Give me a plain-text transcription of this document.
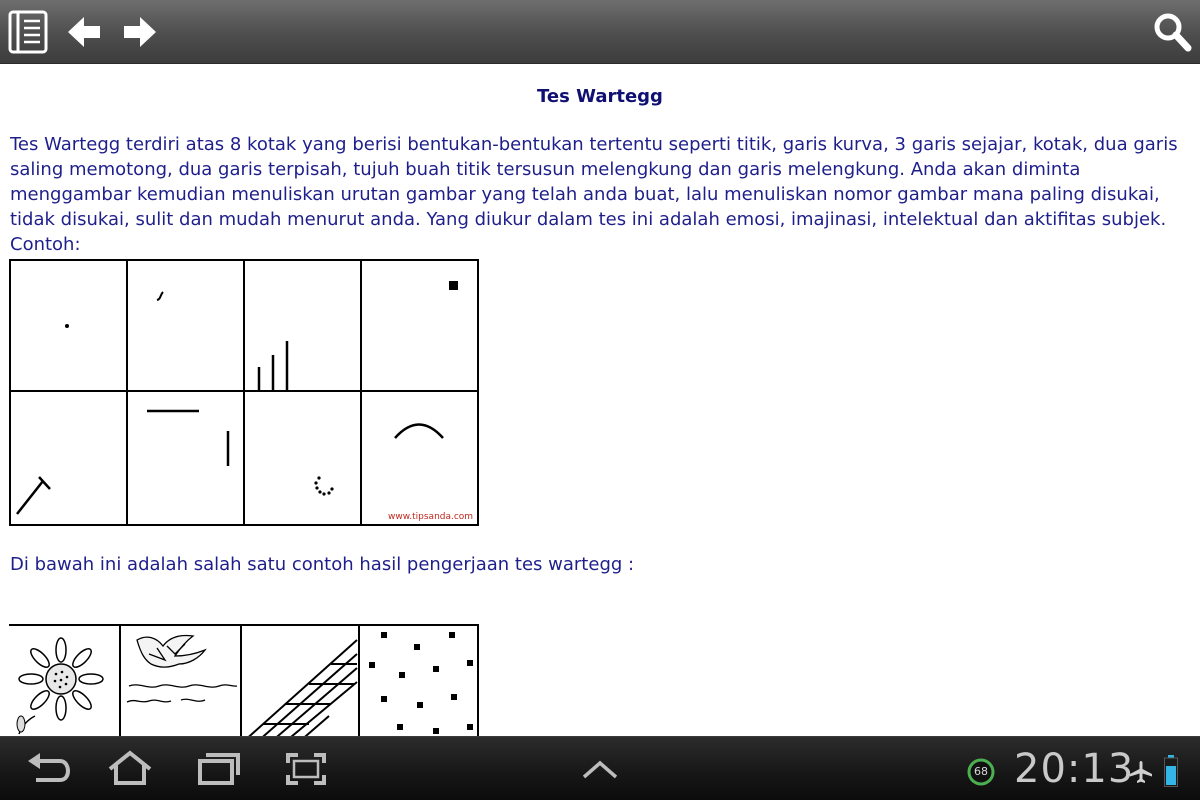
Tes Wartegg
Tes Wartegg terdiri atas 8 kotak yang berisi bentukan-bentukan tertentu seperti titik, garis kurva, 3 garis sejajar, kotak, dua garis saling memotong, dua garis terpisah, tujuh buah titik tersusun melengkung dan garis melengkung. Anda akan diminta menggambar kemudian menuliskan urutan gambar yang telah anda buat, lalu menuliskan nomor gambar mana paling disukai, tidak disukai, sulit dan mudah menurut anda. Yang diukur dalam tes ini adalah emosi, imajinasi, intelektual dan aktifitas subjek. Contoh:
www.tipsanda.com
Di bawah ini adalah salah satu contoh hasil pengerjaan tes wartegg :
68 20:13
